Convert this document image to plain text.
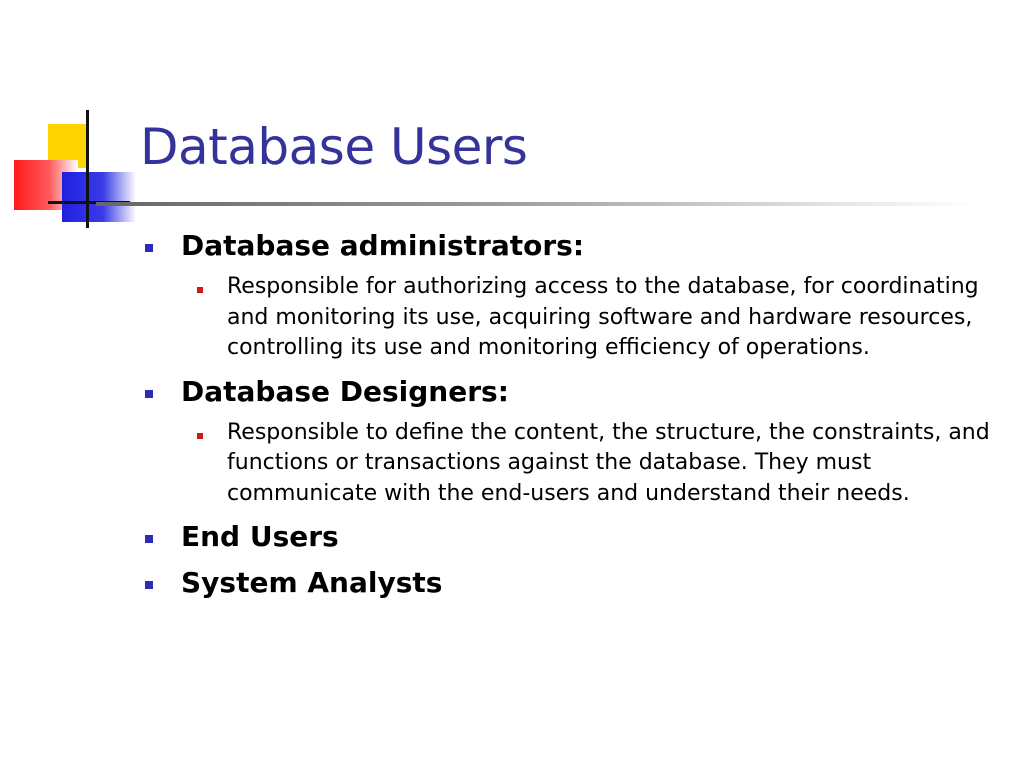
Database Users
Database administrators:
Responsible for authorizing access to the database, for coordinating and monitoring its use, acquiring software and hardware resources, controlling its use and monitoring efficiency of operations.
Database Designers:
Responsible to define the content, the structure, the constraints, and functions or transactions against the database. They must communicate with the end-users and understand their needs.
End Users
System Analysts
